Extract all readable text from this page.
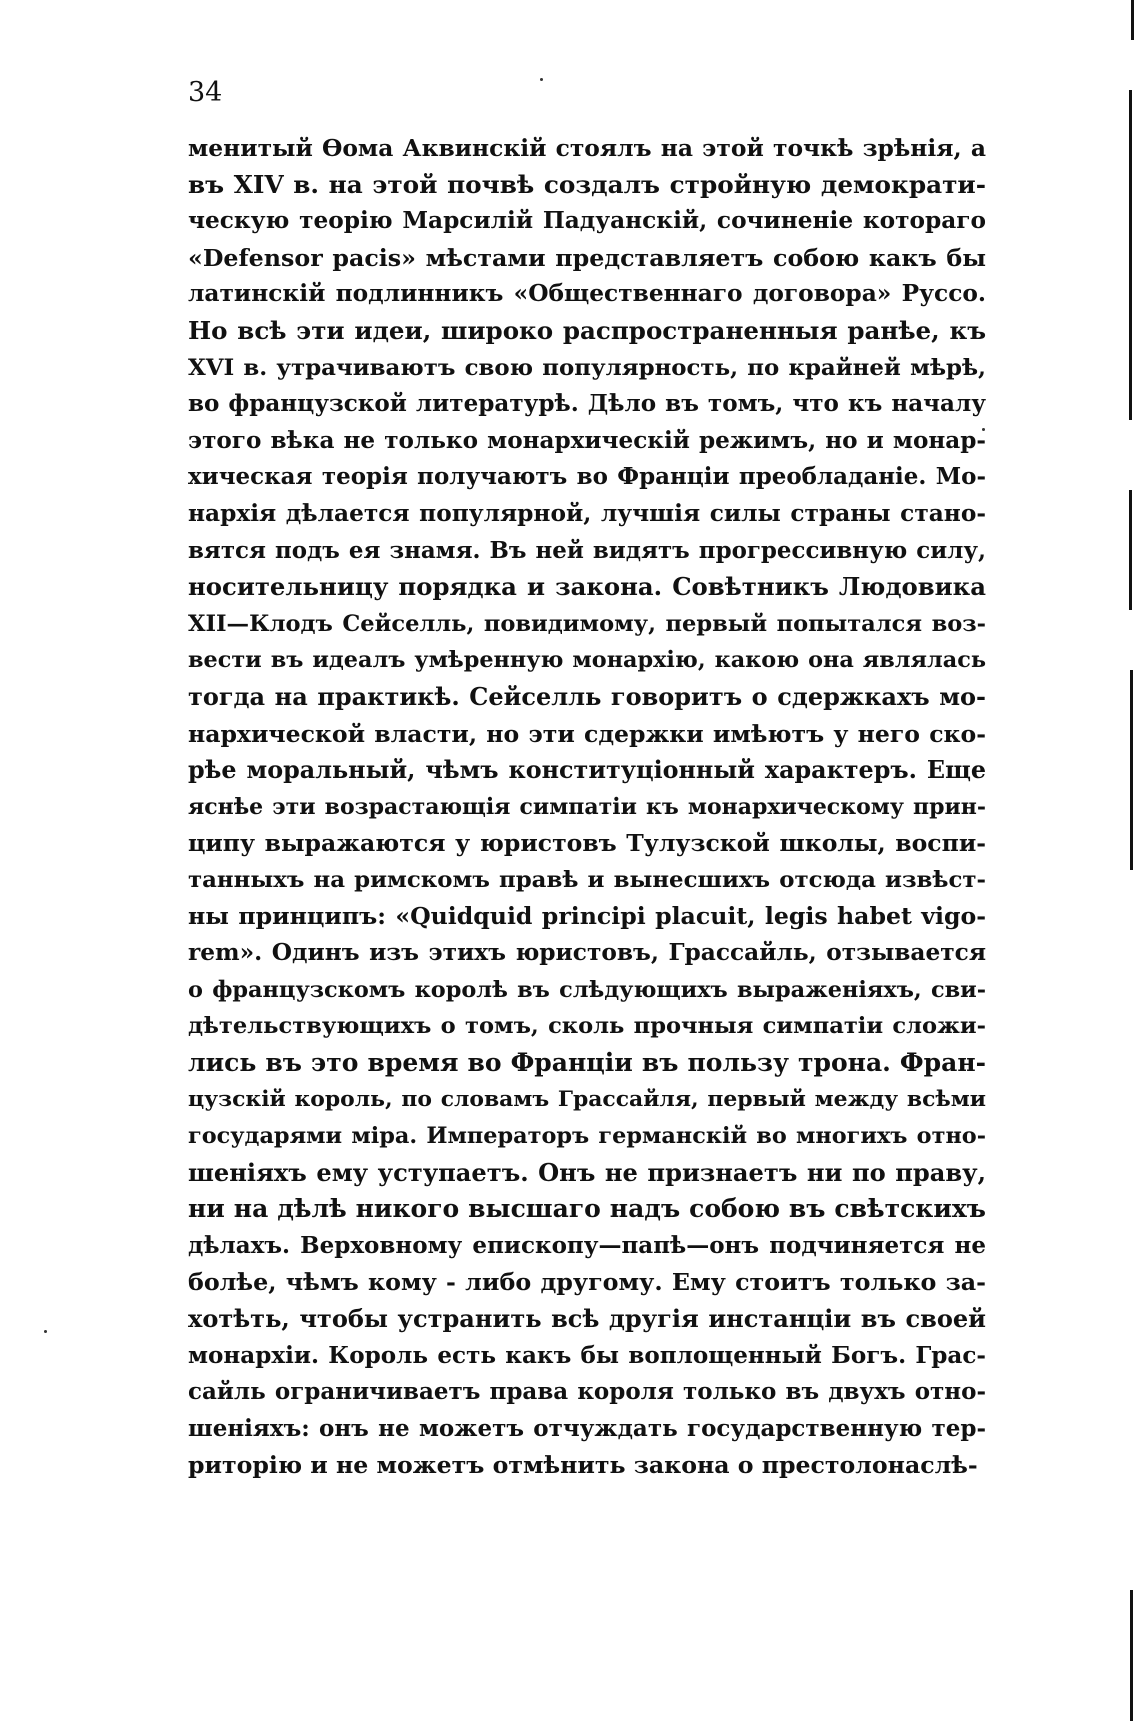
34
менитый Ѳома Аквинскій стоялъ на этой точкѣ зрѣнія, а
въ XIV в. на этой почвѣ создалъ стройную демократи-
ческую теорію Марсилій Падуанскій, сочиненіе котораго
«Defensor pacis» мѣстами представляетъ собою какъ бы
латинскій подлинникъ «Общественнаго договора» Руссо.
Но всѣ эти идеи, широко распространенныя ранѣе, къ
XVI в. утрачиваютъ свою популярность, по крайней мѣрѣ,
во французской литературѣ. Дѣло въ томъ, что къ началу
этого вѣка не только монархическій режимъ, но и монар-
хическая теорія получаютъ во Франціи преобладаніе. Мо-
нархія дѣлается популярной, лучшія силы страны стано-
вятся подъ ея знамя. Въ ней видятъ прогрессивную силу,
носительницу порядка и закона. Совѣтникъ Людовика
XII—Клодъ Сейселль, повидимому, первый попытался воз-
вести въ идеалъ умѣренную монархію, какою она являлась
тогда на практикѣ. Сейселль говоритъ о сдержкахъ мо-
нархической власти, но эти сдержки имѣютъ у него ско-
рѣе моральный, чѣмъ конституціонный характеръ. Еще
яснѣе эти возрастающія симпатіи къ монархическому прин-
ципу выражаются у юристовъ Тулузской школы, воспи-
танныхъ на римскомъ правѣ и вынесшихъ отсюда извѣст-
ны принципъ: «Quidquid principi placuit, legis habet vigo-
rem». Одинъ изъ этихъ юристовъ, Грассайль, отзывается
о французскомъ королѣ въ слѣдующихъ выраженіяхъ, сви-
дѣтельствующихъ о томъ, сколь прочныя симпатіи сложи-
лись въ это время во Франціи въ пользу трона. Фран-
цузскій король, по словамъ Грассайля, первый между всѣми
государями міра. Императоръ германскій во многихъ отно-
шеніяхъ ему уступаетъ. Онъ не признаетъ ни по праву,
ни на дѣлѣ никого высшаго надъ собою въ свѣтскихъ
дѣлахъ. Верховному епископу—папѣ—онъ подчиняется не
болѣе, чѣмъ кому - либо другому. Ему стоитъ только за-
хотѣть, чтобы устранить всѣ другія инстанціи въ своей
монархіи. Король есть какъ бы воплощенный Богъ. Грас-
сайль ограничиваетъ права короля только въ двухъ отно-
шеніяхъ: онъ не можетъ отчуждать государственную тер-
риторію и не можетъ отмѣнить закона о престолонаслѣ-
